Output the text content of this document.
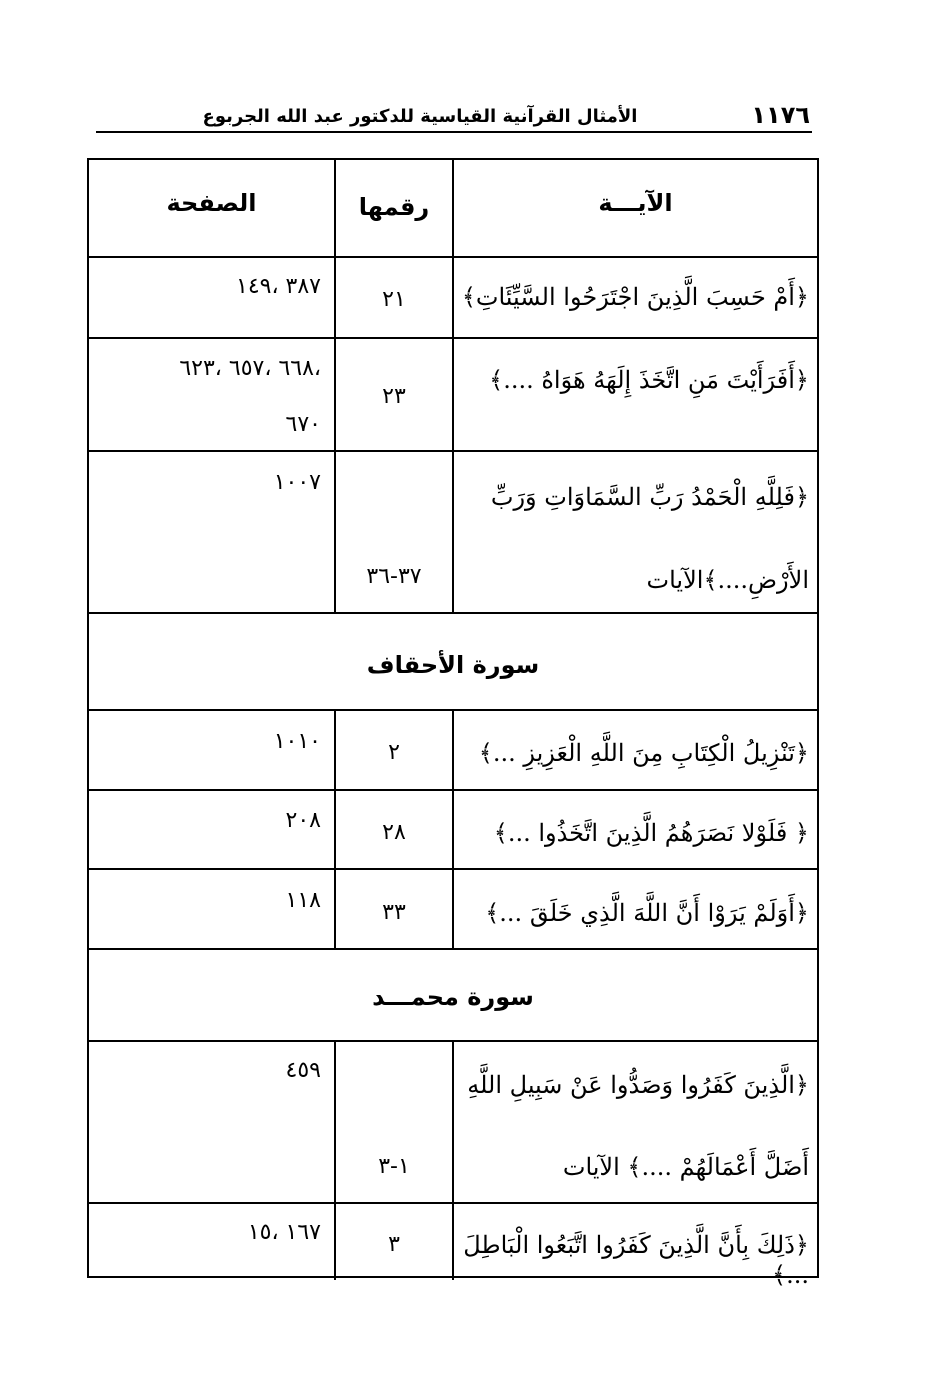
١١٧٦
الأمثال القرآنية القياسية للدكتور عبد الله الجربوع
الآيـــة
رقمها
الصفحة
﴿أَمْ حَسِبَ الَّذِينَ اجْتَرَحُوا السَّيِّئَاتِ﴾
٢١
٣٨٧ ،١٤٩
﴿أَفَرَأَيْتَ مَنِ اتَّخَذَ إِلَهَهُ هَوَاهُ ....﴾
٢٣
،٦٦٨ ،٦٥٧ ،٦٢٣
٦٧٠
﴿فَلِلَّهِ الْحَمْدُ رَبِّ السَّمَاوَاتِ وَرَبِّ
الأَرْضِ....﴾الآيات
٣٧-٣٦
١٠٠٧
سورة الأحقاف
﴿تَنْزِيلُ الْكِتَابِ مِنَ اللَّهِ الْعَزِيزِ ...﴾
٢
١٠١٠
﴿ فَلَوْلا نَصَرَهُمُ الَّذِينَ اتَّخَذُوا ...﴾
٢٨
٢٠٨
﴿أَوَلَمْ يَرَوْا أَنَّ اللَّهَ الَّذِي خَلَقَ ...﴾
٣٣
١١٨
سورة محمـــد
﴿الَّذِينَ كَفَرُوا وَصَدُّوا عَنْ سَبِيلِ اللَّهِ
أَضَلَّ أَعْمَالَهُمْ ....﴾ الآيات
١-٣
٤٥٩
﴿ذَلِكَ بِأَنَّ الَّذِينَ كَفَرُوا اتَّبَعُوا الْبَاطِلَ ...﴾
٣
١٦٧ ،١٥
